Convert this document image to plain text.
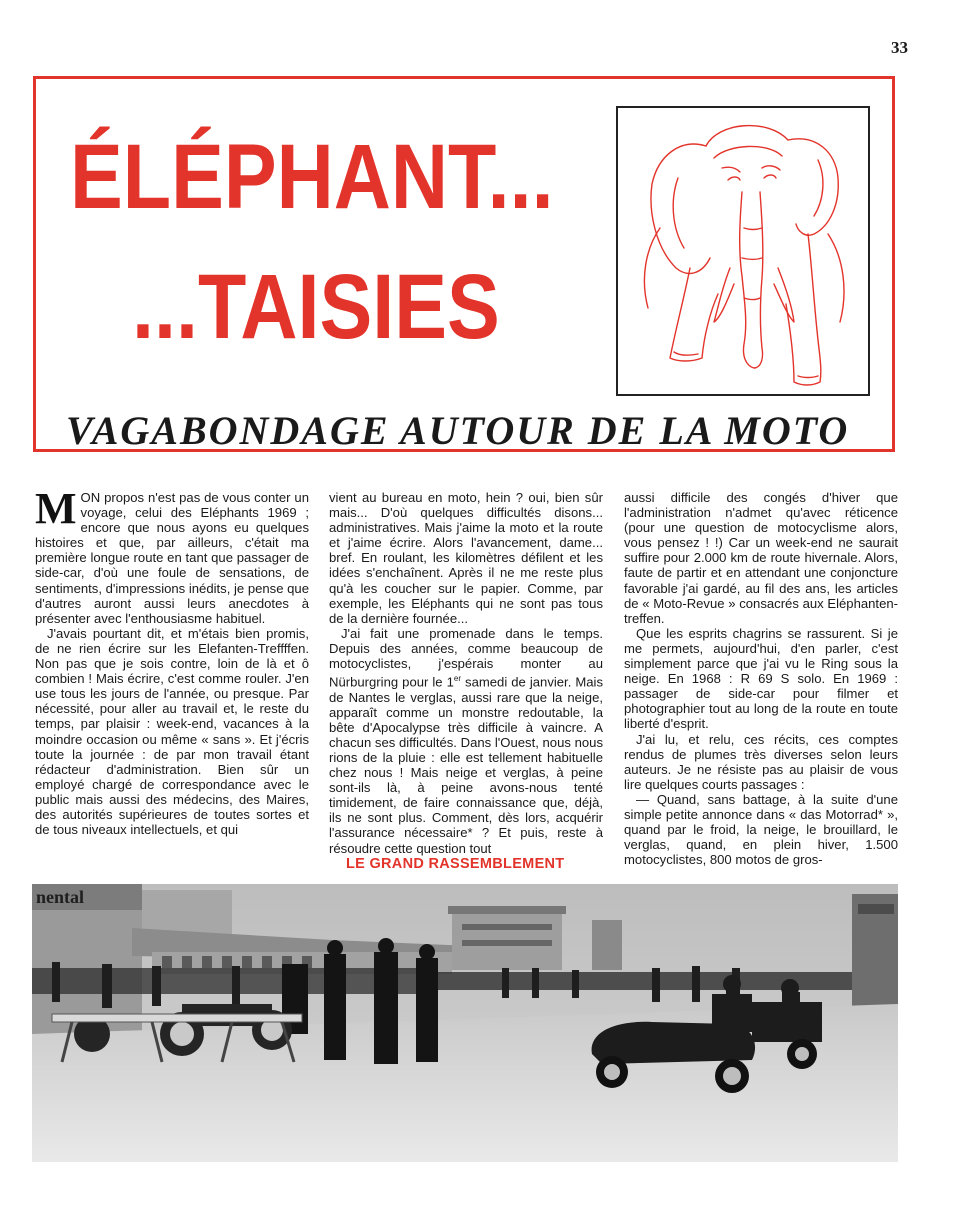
33
ÉLÉPHANT...
...TAISIES
VAGABONDAGE AUTOUR DE LA MOTO

MON propos n'est pas de vous conter un voyage, celui des Eléphants 1969 ; encore que nous ayons eu quelques histoires et que, par ailleurs, c'était ma première longue route en tant que passager de side-car, d'où une foule de sensations, de sentiments, d'impressions inédits, je pense que d'autres auront aussi leurs anecdotes à présenter avec l'enthousiasme habituel.

J'avais pourtant dit, et m'étais bien promis, de ne rien écrire sur les Elefanten-Treffffen. Non pas que je sois contre, loin de là et ô combien ! Mais écrire, c'est comme rouler. J'en use tous les jours de l'année, ou presque. Par nécessité, pour aller au travail et, le reste du temps, par plaisir : week-end, vacances à la moindre occasion ou même « sans ». Et j'écris toute la journée : de par mon travail étant rédacteur d'administration. Bien sûr un employé chargé de correspondance avec le public mais aussi des médecins, des Maires, des autorités supérieures de toutes sortes et de tous niveaux intellectuels, et qui

vient au bureau en moto, hein ? oui, bien sûr mais... D'où quelques difficultés disons... administratives. Mais j'aime la moto et la route et j'aime écrire. Alors l'avancement, dame... bref. En roulant, les kilomètres défilent et les idées s'enchaînent. Après il ne me reste plus qu'à les coucher sur le papier. Comme, par exemple, les Eléphants qui ne sont pas tous de la dernière fournée...

J'ai fait une promenade dans le temps. Depuis des années, comme beaucoup de motocyclistes, j'espérais monter au Nürburgring pour le 1er samedi de janvier. Mais de Nantes le verglas, aussi rare que la neige, apparaît comme un monstre redoutable, la bête d'Apocalypse très difficile à vaincre. A chacun ses difficultés. Dans l'Ouest, nous nous rions de la pluie : elle est tellement habituelle chez nous ! Mais neige et verglas, à peine sont-ils là, à peine avons-nous tenté timidement, de faire connaissance que, déjà, ils ne sont plus. Comment, dès lors, acquérir l'assurance nécessaire* ? Et puis, reste à résoudre cette question tout

aussi difficile des congés d'hiver que l'administration n'admet qu'avec réticence (pour une question de motocyclisme alors, vous pensez ! !) Car un week-end ne saurait suffire pour 2.000 km de route hivernale. Alors, faute de partir et en attendant une conjoncture favorable j'ai gardé, au fil des ans, les articles de « Moto-Revue » consacrés aux Eléphanten-treffen.

Que les esprits chagrins se rassurent. Si je me permets, aujourd'hui, d'en parler, c'est simplement parce que j'ai vu le Ring sous la neige. En 1968 : R 69 S solo. En 1969 : passager de side-car pour filmer et photographier tout au long de la route en toute liberté d'esprit.

J'ai lu, et relu, ces récits, ces comptes rendus de plumes très diverses selon leurs auteurs. Je ne résiste pas au plaisir de vous lire quelques courts passages :

— Quand, sans battage, à la suite d'une simple petite annonce dans « das Motorrad* », quand par le froid, la neige, le brouillard, le verglas, quand, en plein hiver, 1.500 motocyclistes, 800 motos de gros-

LE GRAND RASSEMBLEMENT
nental
